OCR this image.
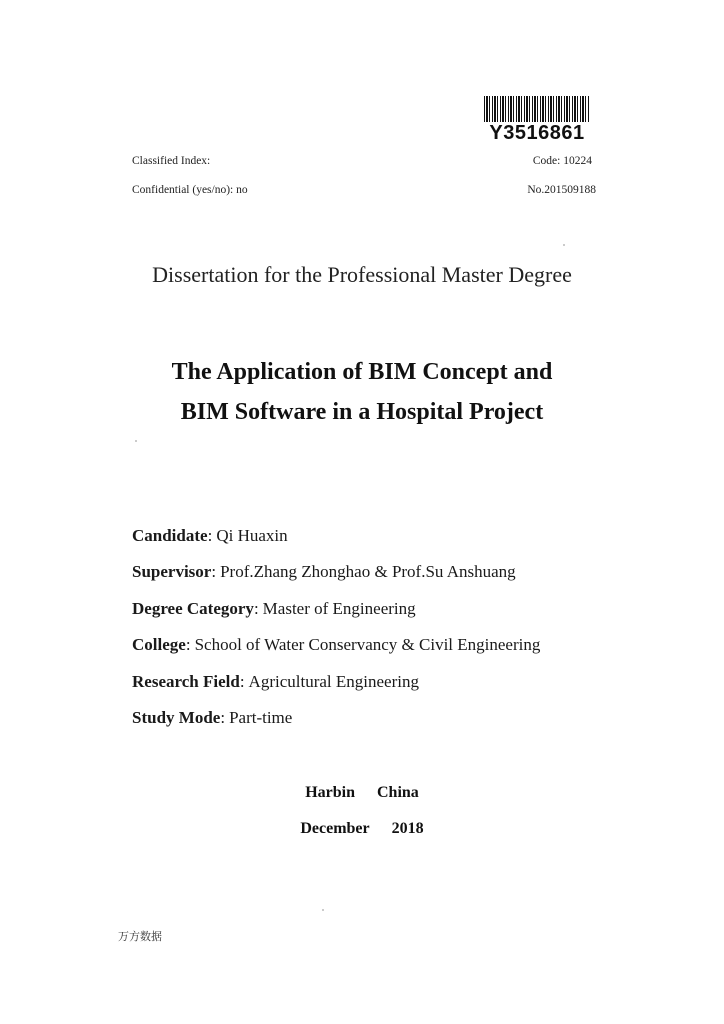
Y3516861
Classified Index:
Confidential (yes/no): no
Code: 10224
No.201509188
Dissertation for the Professional Master Degree
The Application of BIM Concept and
BIM Software in a Hospital Project
Candidate: Qi Huaxin
Supervisor: Prof.Zhang Zhonghao & Prof.Su Anshuang
Degree Category: Master of Engineering
College: School of Water Conservancy & Civil Engineering
Research Field: Agricultural Engineering
Study Mode: Part-time
Harbin China
December 2018
万方数据
